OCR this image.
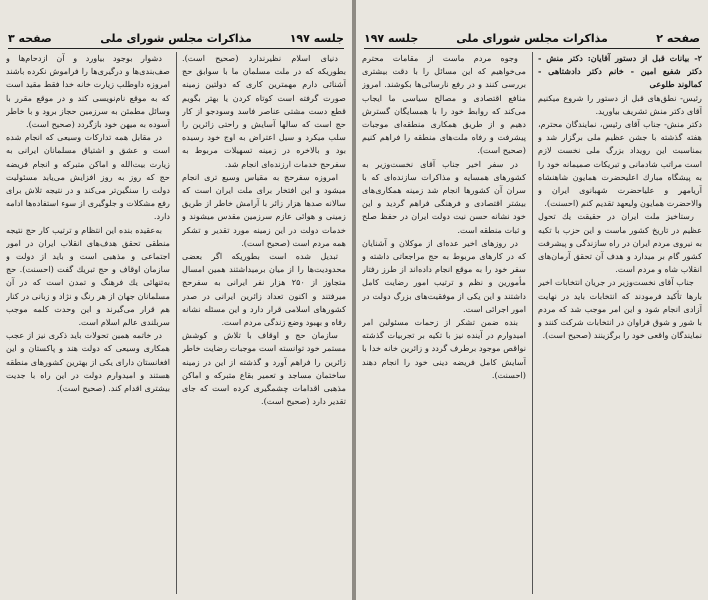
جلسه ۱۹۷
مذاكرات مجلس شوراى ملى
صفحه ۳

دنيای اسلام نظيرندارد (صحيح است). بطوريكه كه در ملت مسلمان ما با سوابق حج آشنائی دارم مهمترين كاری كه دولتين زمينه صورت گرفته است كوتاه كردن يا بهتر بگويم قطع دست مشتی عناصر فاسد وسودجو از كار حج است كه سالها آسايش و راحتی زائرين را سلب ميكرد و سيل اعتراض به اوج خود رسيده بود و بالاخره در زمينه تسهيلات مربوط به سفرحج خدمات ارزنده‌ای انجام شد.

امروزه سفرحج به مقياس وسيع ترى انجام ميشود و اين افتخار برای ملت ايران است كه سالانه صدها هزار زائر با آرامش خاطر از طريق زمينی و هوائی عازم سرزمين مقدس ميشوند و خدمات دولت در اين زمينه مورد تقدير و تشكر همه مردم است (صحيح است).

تبديل شده است بطوريكه اگر بعضی محدوديت‌ها را از ميان برميداشتند همين امسال متجاوز از ۲۵۰ هزار نفر ايرانی به سفرحج ميرفتند و اكنون تعداد زائرين ايرانی در صدر كشورهای اسلامی قرار دارد و اين مسئله نشانه رفاه و بهبود وضع زندگی مردم است.

سازمان حج و اوقاف با تلاش و كوشش مستمر خود توانسته است موجبات رضايت خاطر زائرين را فراهم آورد و گذشته از اين در زمينه ساختمان مساجد و تعمير بقاع متبركه و اماكن مذهبی اقدامات چشمگيری كرده است كه جای تقدير دارد (صحيح است).

دشوار بوجود بياورد و آن ازدحام‌ها و صف‌بندی‌ها و درگيری‌ها را فراموش نكرده باشند امروزه داوطلب زيارت خانه خدا فقط مقيد است كه به موقع نام‌نويسی كند و در موقع مقرر با وسائل مطمئن به سرزمين حجاز برود و با خاطر آسوده به ميهن خود بازگردد (صحيح است).

در مقابل همه تداركات وسيعی كه انجام شده است و عشق و اشتياق مسلمانان ايرانی به زيارت بيت‌الله و اماكن متبركه و انجام فريضه حج كه روز به روز افزايش می‌يابد مسئوليت دولت را سنگين‌تر می‌كند و در نتيجه تلاش برای رفع مشكلات و جلوگيری از سوء استفاده‌ها ادامه دارد.

به‌عقيده بنده اين انتظام و ترتيب كار حج نتيجه منطقی تحقق هدف‌های انقلاب ايران در امور اجتماعی و مذهبی است و بايد از دولت و سازمان اوقاف و حج تبريك گفت (احسنت). حج به‌تنهائی يك فرهنگ و تمدن است كه در آن مسلمانان جهان از هر رنگ و نژاد و زبانی در كنار هم قرار می‌گيرند و اين وحدت كلمه موجب سربلندی عالم اسلام است.

در خاتمه همين تحولات بايد ذكری نيز از عجب همكاری وسيعی كه دولت هند و پاكستان و اين افغانستان دارای يكی از بهترين كشورهای منطقه هستند و اميدوارم دولت در اين راه با جديت بيشتری اقدام كند. (صحيح است).

صفحه ۲
مذاكرات مجلس شوراى ملى
جلسه ۱۹۷

۲- بيانات قبل از دستور آقايان: دكتر منش - دكتر شفيع امين - خانم دكتر دادشتاهی - كمالوند طلوعی

رئيس- نطق‌های قبل از دستور را شروع ميكنيم آقای دكتر منش تشريف بياوريد.

دكتر منش- جناب آقای رئيس، نمايندگان محترم، هفته گذشته با جشن عظيم ملی برگزار شد و بمناسبت اين رويداد بزرگ ملی نخست لازم است مراتب شادمانی و تبريكات صميمانه خود را به پيشگاه مبارك اعليحضرت همايون شاهنشاه آريامهر و علياحضرت شهبانوی ايران و والاحضرت همايون وليعهد تقديم كنم (احسنت).

رستاخيز ملت ايران در حقيقت يك تحول عظيم در تاريخ كشور ماست و اين حزب با تكيه به نيروی مردم ايران در راه سازندگی و پيشرفت كشور گام بر ميدارد و هدف آن تحقق آرمان‌های انقلاب شاه و مردم است.

جناب آقای نخست‌وزير در جريان انتخابات اخير بارها تأكيد فرمودند كه انتخابات بايد در نهايت آزادی انجام شود و اين امر موجب شد كه مردم با شور و شوق فراوان در انتخابات شركت كنند و نمايندگان واقعی خود را برگزينند (صحيح است).

وجوه مردم ماست از مقامات محترم می‌خواهيم كه اين مسائل را با دقت بيشتری بررسی كنند و در رفع نارسائی‌ها بكوشند. امروز منافع اقتصادی و مصالح سياسی ما ايجاب می‌كند كه روابط خود را با همسايگان گسترش دهيم و از طريق همكاری منطقه‌ای موجبات پيشرفت و رفاه ملت‌های منطقه را فراهم كنيم (صحيح است).

در سفر اخير جناب آقای نخست‌وزير به كشورهای همسايه و مذاكرات سازنده‌ای كه با سران آن كشورها انجام شد زمينه همكاری‌های بيشتر اقتصادی و فرهنگی فراهم گرديد و اين خود نشانه حسن نيت دولت ايران در حفظ صلح و ثبات منطقه است.

در روزهای اخير عده‌ای از موكلان و آشنايان كه در كارهای مربوط به حج مراجعاتی داشته و سفر خود را به موقع انجام داده‌اند از طرز رفتار مأمورين و نظم و ترتيب امور رضايت كامل داشتند و اين يكی از موفقيت‌های بزرگ دولت در امور اجرائی است.

بنده ضمن تشكر از زحمات مسئولين امر اميدوارم در آينده نيز با تكيه بر تجربيات گذشته نواقص موجود برطرف گردد و زائرين خانه خدا با آسايش كامل فريضه دينی خود را انجام دهند (احسنت).
